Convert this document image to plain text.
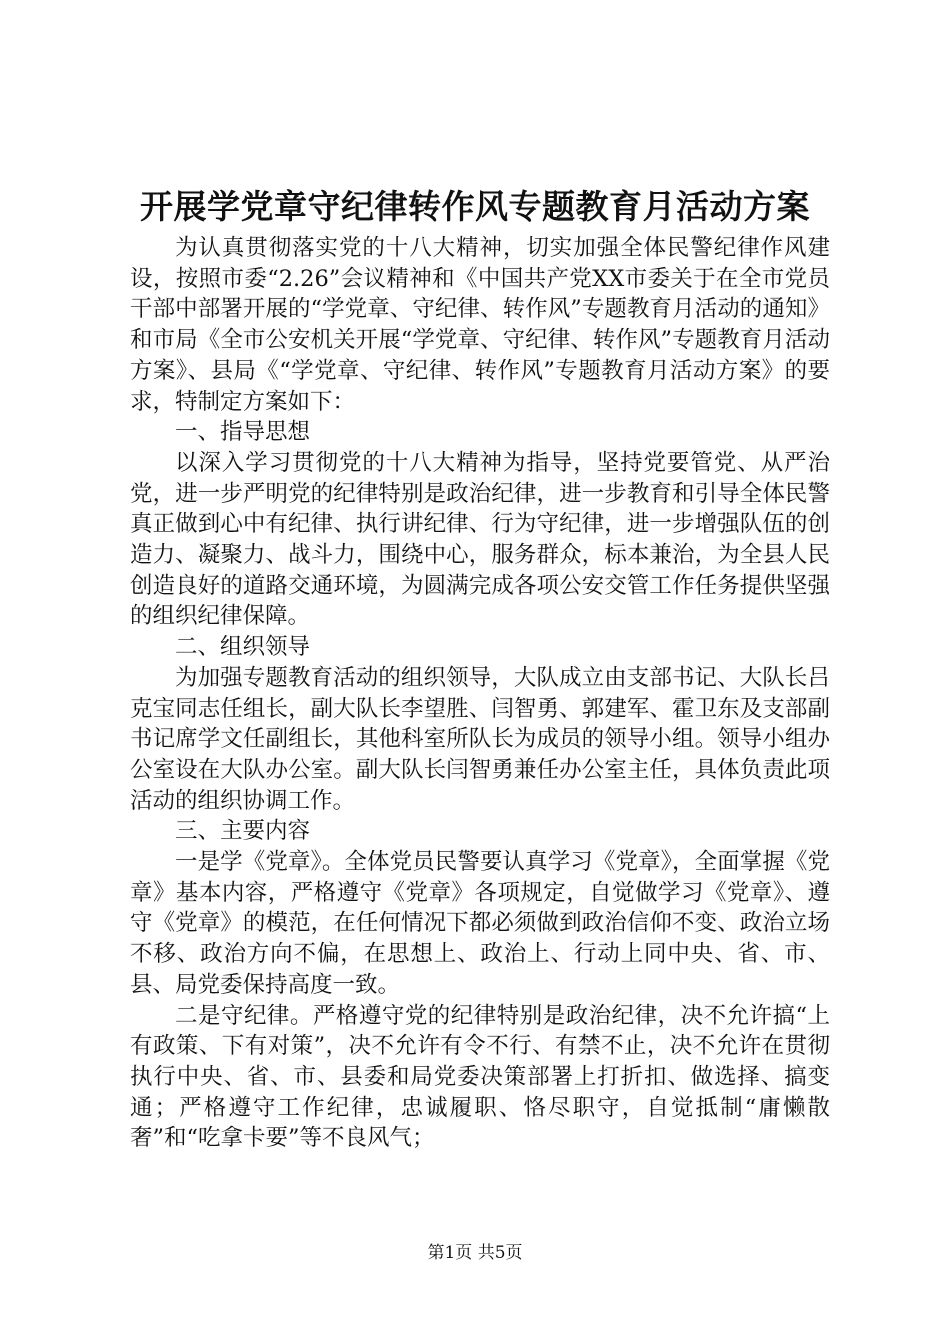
开展学党章守纪律转作风专题教育月活动方案

为认真贯彻落实党的十八大精神，切实加强全体民警纪律作风建设，按照市委“2.26”会议精神和《中国共产党XX市委关于在全市党员干部中部署开展的“学党章、守纪律、转作风”专题教育月活动的通知》和市局《全市公安机关开展“学党章、守纪律、转作风”专题教育月活动方案》、县局《“学党章、守纪律、转作风”专题教育月活动方案》的要求，特制定方案如下：

一、指导思想

以深入学习贯彻党的十八大精神为指导，坚持党要管党、从严治党，进一步严明党的纪律特别是政治纪律，进一步教育和引导全体民警真正做到心中有纪律、执行讲纪律、行为守纪律，进一步增强队伍的创造力、凝聚力、战斗力，围绕中心，服务群众，标本兼治，为全县人民创造良好的道路交通环境，为圆满完成各项公安交管工作任务提供坚强的组织纪律保障。

二、组织领导

为加强专题教育活动的组织领导，大队成立由支部书记、大队长吕克宝同志任组长，副大队长李望胜、闫智勇、郭建军、霍卫东及支部副书记席学文任副组长，其他科室所队长为成员的领导小组。领导小组办公室设在大队办公室。副大队长闫智勇兼任办公室主任，具体负责此项活动的组织协调工作。

三、主要内容

一是学《党章》。全体党员民警要认真学习《党章》，全面掌握《党章》基本内容，严格遵守《党章》各项规定，自觉做学习《党章》、遵守《党章》的模范，在任何情况下都必须做到政治信仰不变、政治立场不移、政治方向不偏，在思想上、政治上、行动上同中央、省、市、县、局党委保持高度一致。

二是守纪律。严格遵守党的纪律特别是政治纪律，决不允许搞“上有政策、下有对策”，决不允许有令不行、有禁不止，决不允许在贯彻执行中央、省、市、县委和局党委决策部署上打折扣、做选择、搞变通；严格遵守工作纪律，忠诚履职、恪尽职守，自觉抵制“庸懒散奢”和“吃拿卡要”等不良风气；

第1页 共5页
